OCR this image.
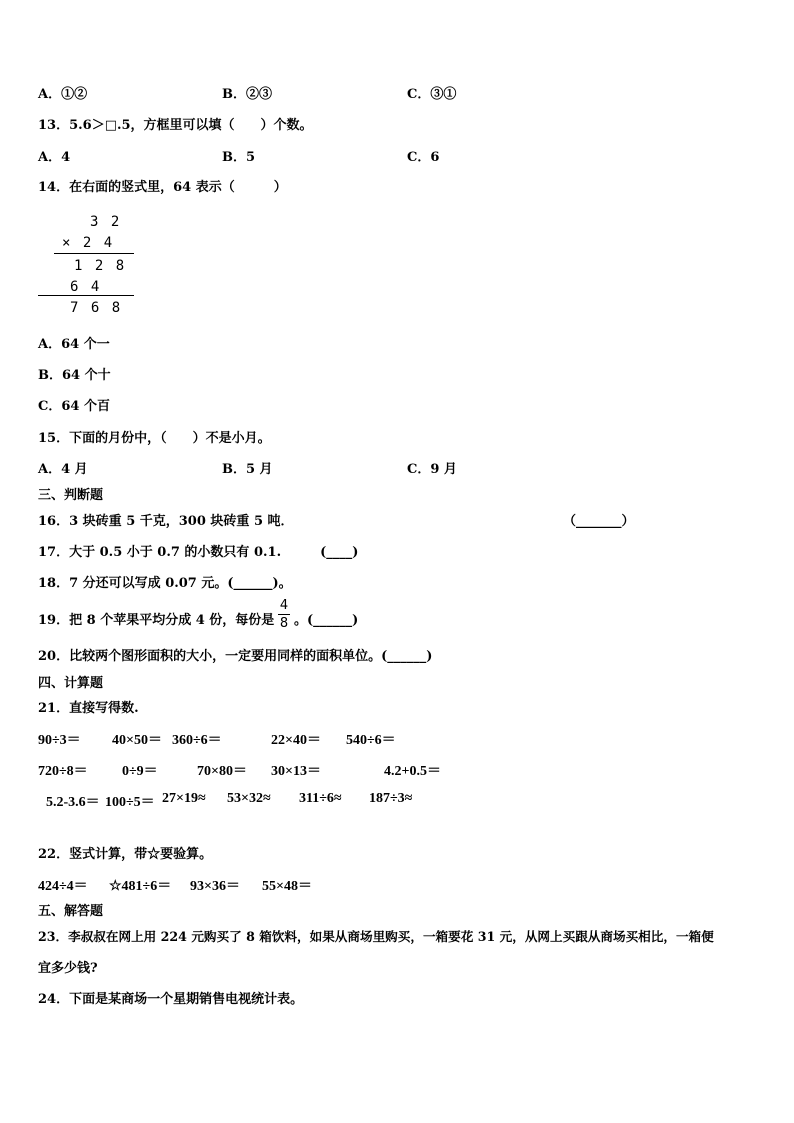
A．①②	B．②③	C．③①
13．5.6＞□.5，方框里可以填（　　）个数。
A．4	B．5	C．6
14．在右面的竖式里，64 表示（　　　）
3 2
× 2 4
1 2 8
6 4
7 6 8
A．64 个一
B．64 个十
C．64 个百
15．下面的月份中，（　　）不是小月。
A．4 月	B．5 月	C．9 月
三、判断题
16．3 块砖重 5 千克，300 块砖重 5 吨．	（_______）
17．大于 0.5 小于 0.7 的小数只有 0.1.　　　(____)
18．7 分还可以写成 0.07 元。(______)。
19．把 8 个苹果平均分成 4 份，每份是
4
8 。(______)
20．比较两个图形面积的大小，一定要用同样的面积单位。(______)
四、计算题
21．直接写得数.
90÷3＝ 40×50＝ 360÷6＝	22×40＝ 540÷6＝
720÷8＝ 0÷9＝	70×80＝ 30×13＝	4.2+0.5＝
5.2-3.6＝ 100÷5＝ 27×19≈ 53×32≈ 311÷6≈ 187÷3≈
22．竖式计算，带☆要验算。
424÷4＝ ☆481÷6＝ 93×36＝ 55×48＝
五、解答题
23．李叔叔在网上用 224 元购买了 8 箱饮料，如果从商场里购买，一箱要花 31 元，从网上买跟从商场买相比，一箱便
宜多少钱?
24．下面是某商场一个星期销售电视统计表。
